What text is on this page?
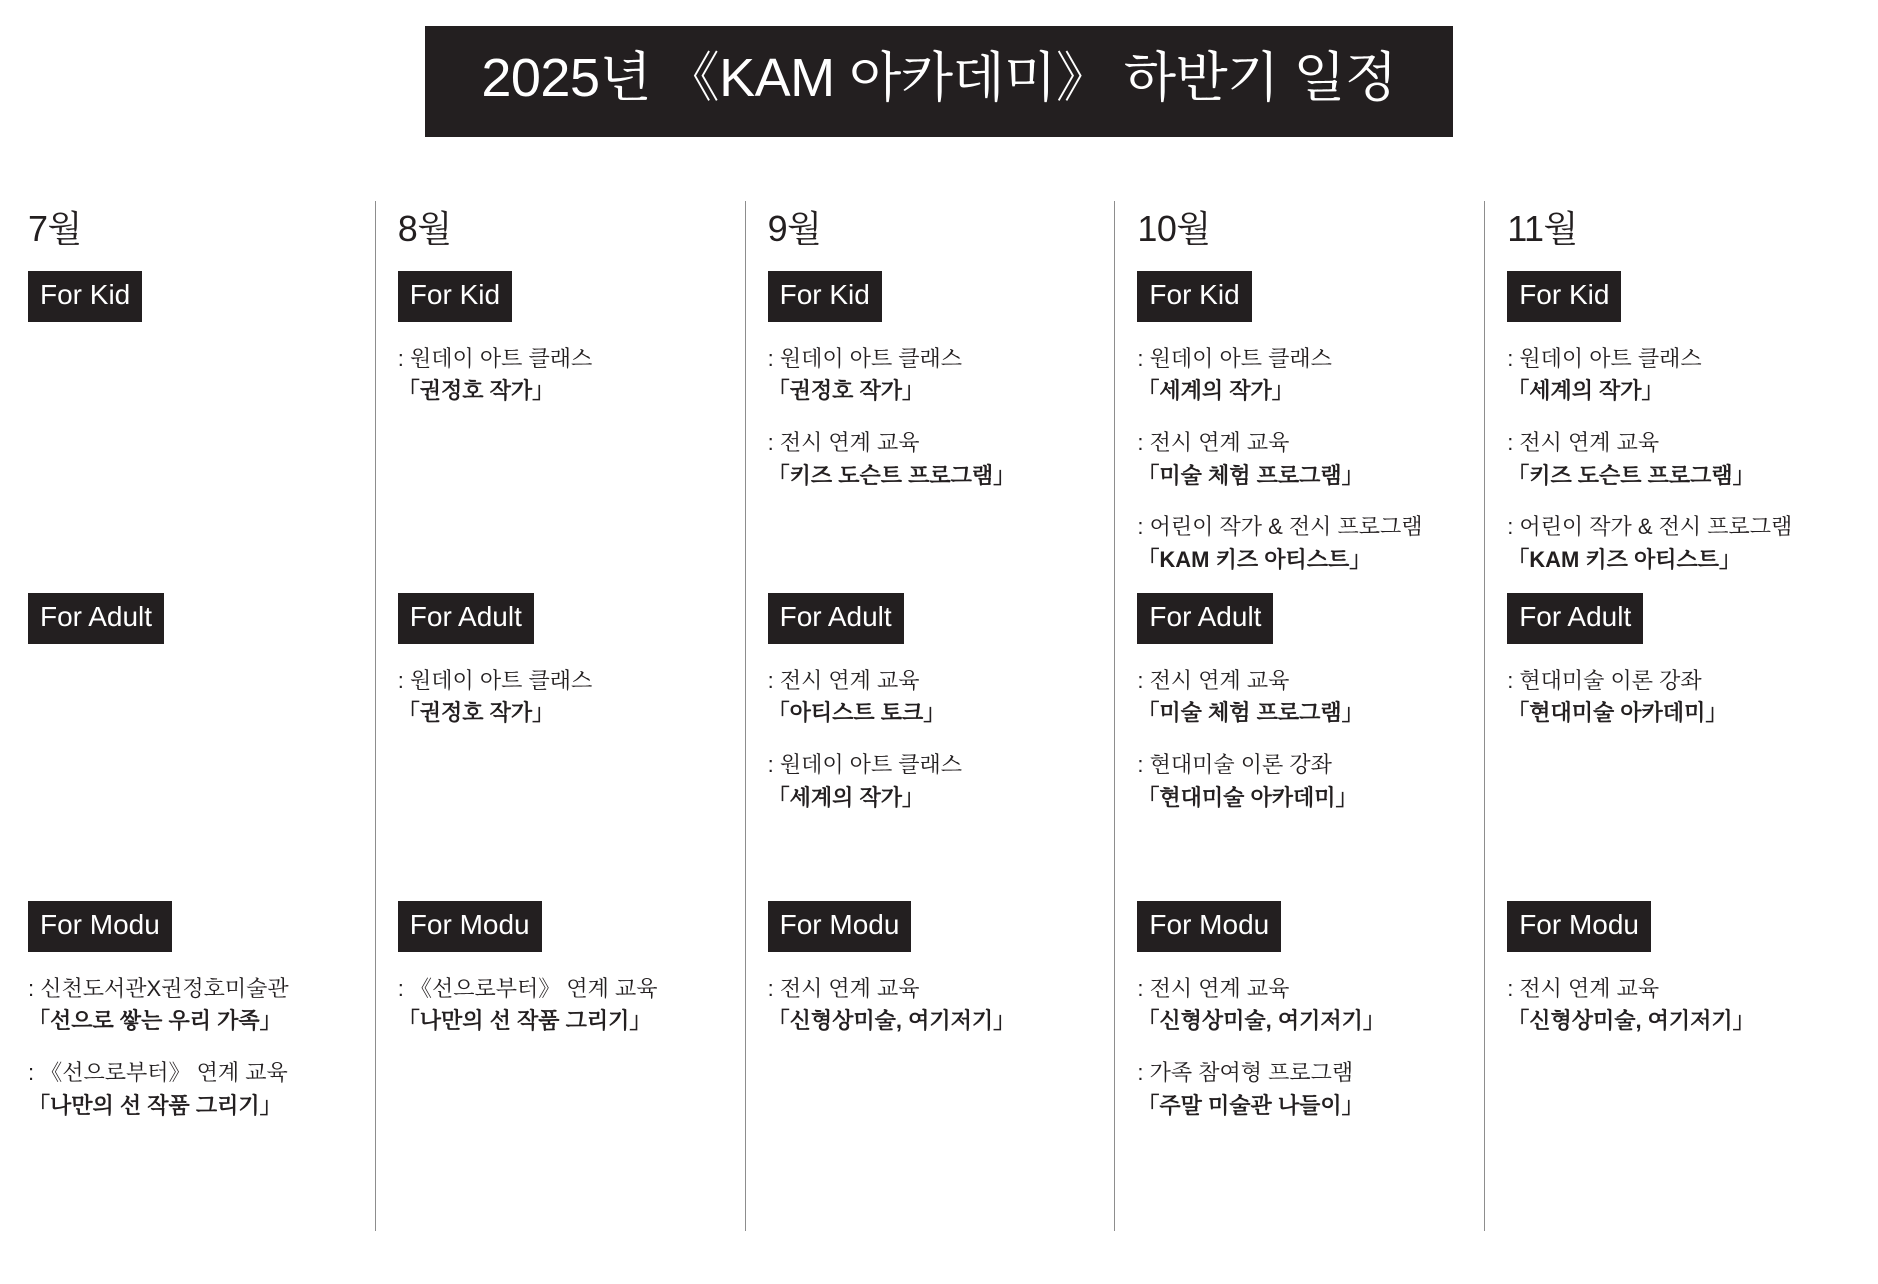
2025년 《KAM 아카데미》 하반기 일정
7월
For Kid
For Adult
For Modu
: 신천도서관X권정호미술관
「선으로 쌓는 우리 가족」
: 《선으로부터》 연계 교육
「나만의 선 작품 그리기」
8월
For Kid
: 원데이 아트 클래스
「권정호 작가」
For Adult
: 원데이 아트 클래스
「권정호 작가」
For Modu
: 《선으로부터》 연계 교육
「나만의 선 작품 그리기」
9월
For Kid
: 원데이 아트 클래스
「권정호 작가」
: 전시 연계 교육
「키즈 도슨트 프로그램」
For Adult
: 전시 연계 교육
「아티스트 토크」
: 원데이 아트 클래스
「세계의 작가」
For Modu
: 전시 연계 교육
「신형상미술, 여기저기」
10월
For Kid
: 원데이 아트 클래스
「세계의 작가」
: 전시 연계 교육
「미술 체험 프로그램」
: 어린이 작가 & 전시 프로그램
「KAM 키즈 아티스트」
For Adult
: 전시 연계 교육
「미술 체험 프로그램」
: 현대미술 이론 강좌
「현대미술 아카데미」
For Modu
: 전시 연계 교육
「신형상미술, 여기저기」
: 가족 참여형 프로그램
「주말 미술관 나들이」
11월
For Kid
: 원데이 아트 클래스
「세계의 작가」
: 전시 연계 교육
「키즈 도슨트 프로그램」
: 어린이 작가 & 전시 프로그램
「KAM 키즈 아티스트」
For Adult
: 현대미술 이론 강좌
「현대미술 아카데미」
For Modu
: 전시 연계 교육
「신형상미술, 여기저기」
